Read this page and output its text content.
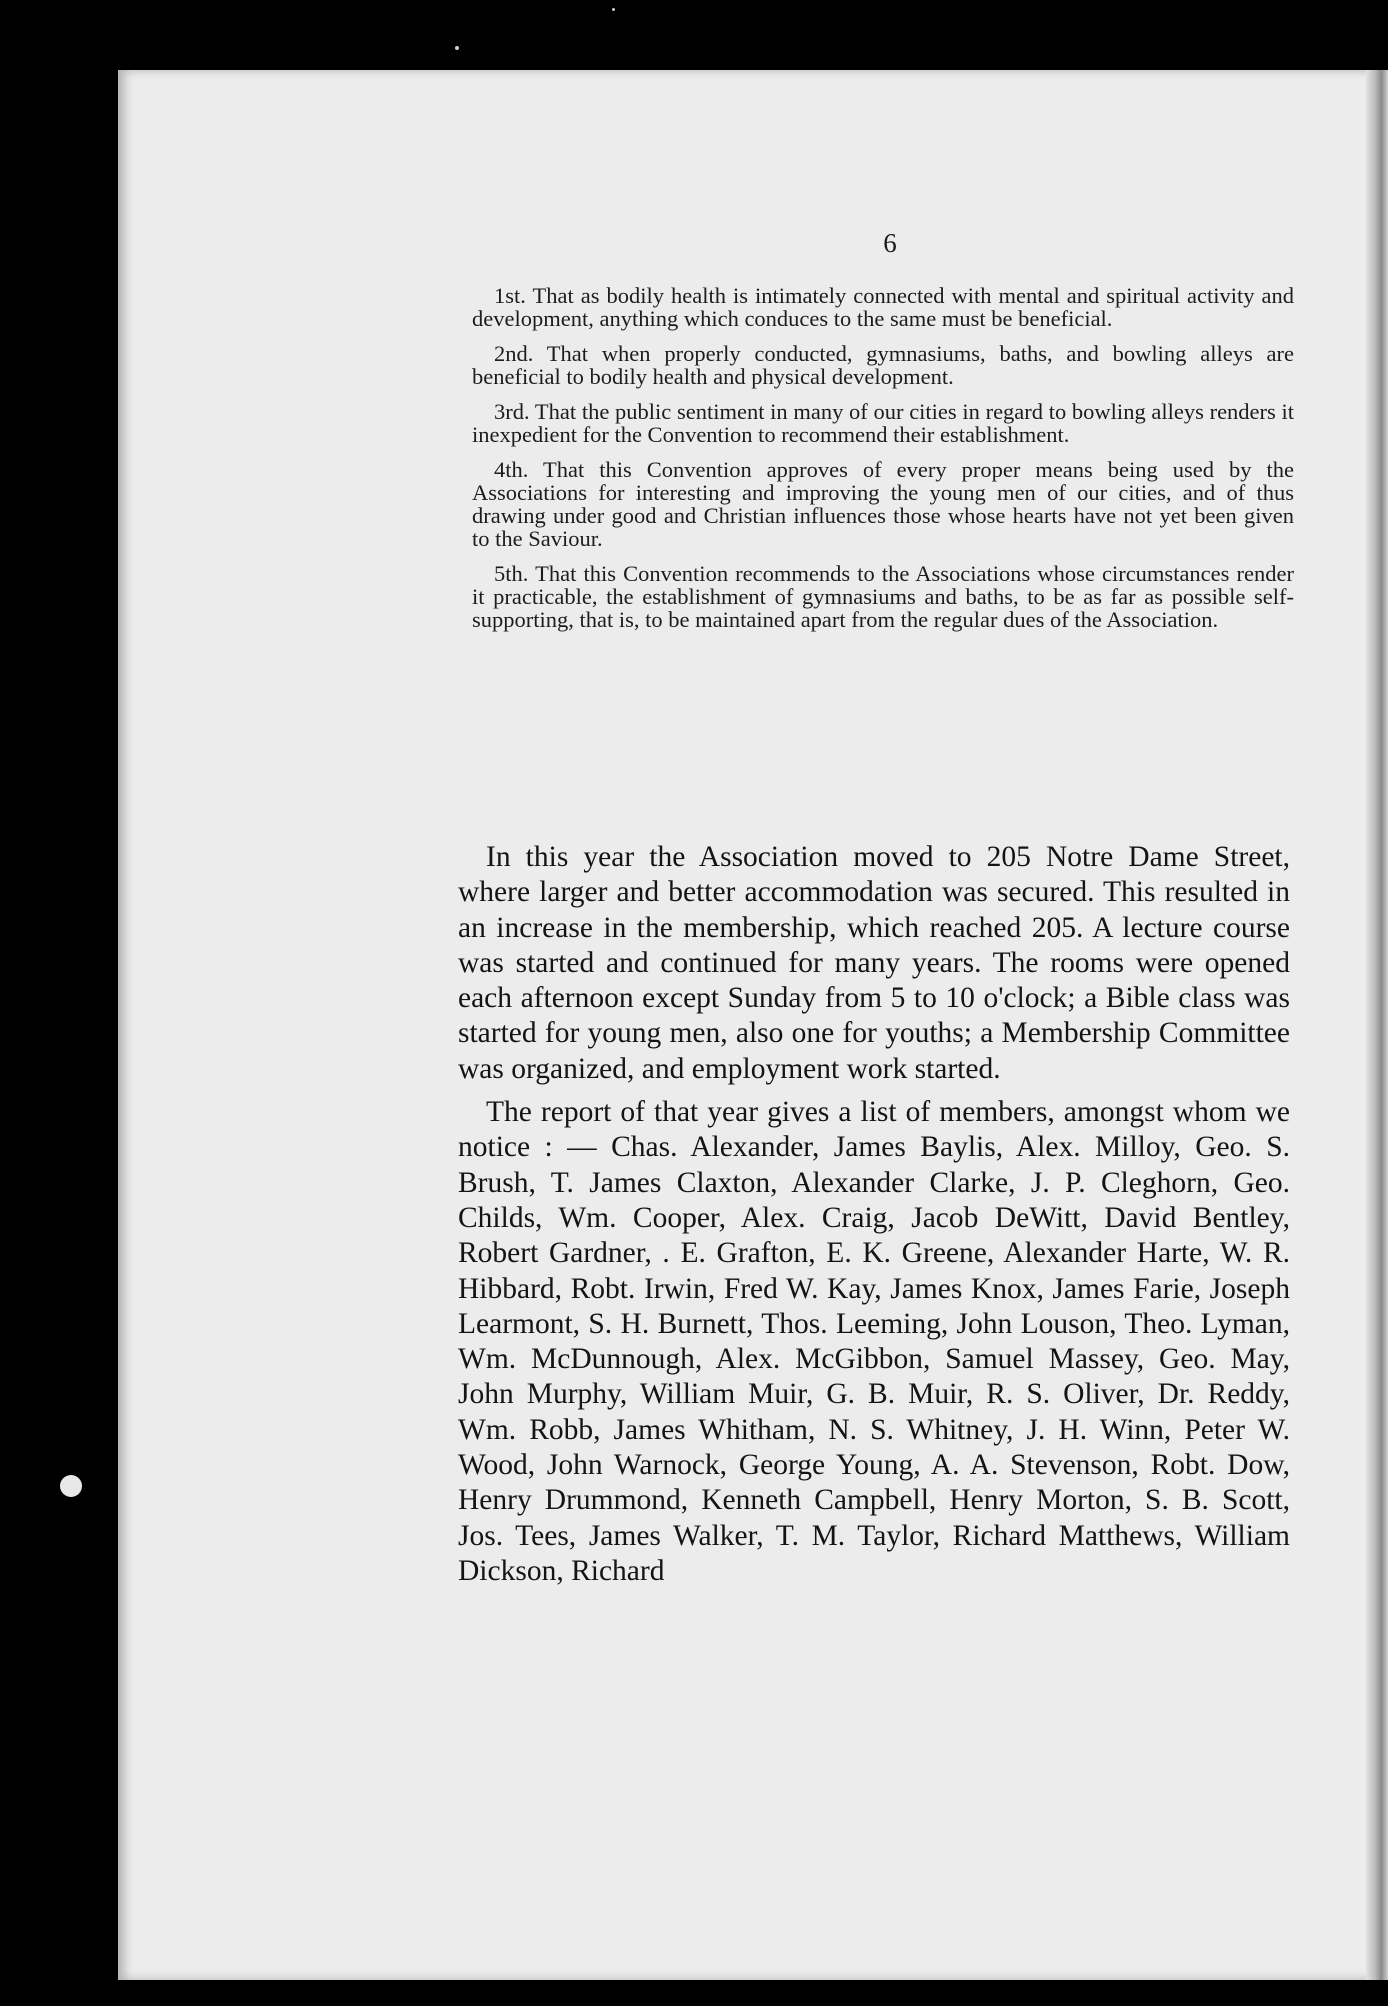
6

1st. That as bodily health is intimately connected with mental and spiritual activity and development, anything which conduces to the same must be beneficial.

2nd. That when properly conducted, gymnasiums, baths, and bowling alleys are beneficial to bodily health and physical development.

3rd. That the public sentiment in many of our cities in regard to bowling alleys renders it inexpedient for the Convention to recommend their establishment.

4th. That this Convention approves of every proper means being used by the Associations for interesting and improving the young men of our cities, and of thus drawing under good and Christian influences those whose hearts have not yet been given to the Saviour.

5th. That this Convention recommends to the Associations whose circumstances render it practicable, the establishment of gymnasiums and baths, to be as far as possible self-supporting, that is, to be maintained apart from the regular dues of the Association.

In this year the Association moved to 205 Notre Dame Street, where larger and better accommodation was secured. This resulted in an increase in the membership, which reached 205. A lecture course was started and continued for many years. The rooms were opened each afternoon except Sunday from 5 to 10 o'clock; a Bible class was started for young men, also one for youths; a Membership Committee was organized, and employment work started.

The report of that year gives a list of members, amongst whom we notice : — Chas. Alexander, James Baylis, Alex. Milloy, Geo. S. Brush, T. James Claxton, Alexander Clarke, J. P. Cleghorn, Geo. Childs, Wm. Cooper, Alex. Craig, Jacob DeWitt, David Bentley, Robert Gardner, . E. Grafton, E. K. Greene, Alexander Harte, W. R. Hibbard, Robt. Irwin, Fred W. Kay, James Knox, James Farie, Joseph Learmont, S. H. Burnett, Thos. Leeming, John Louson, Theo. Lyman, Wm. McDunnough, Alex. McGibbon, Samuel Massey, Geo. May, John Murphy, William Muir, G. B. Muir, R. S. Oliver, Dr. Reddy, Wm. Robb, James Whitham, N. S. Whitney, J. H. Winn, Peter W. Wood, John Warnock, George Young, A. A. Stevenson, Robt. Dow, Henry Drummond, Kenneth Campbell, Henry Morton, S. B. Scott, Jos. Tees, James Walker, T. M. Taylor, Richard Matthews, William Dickson, Richard
